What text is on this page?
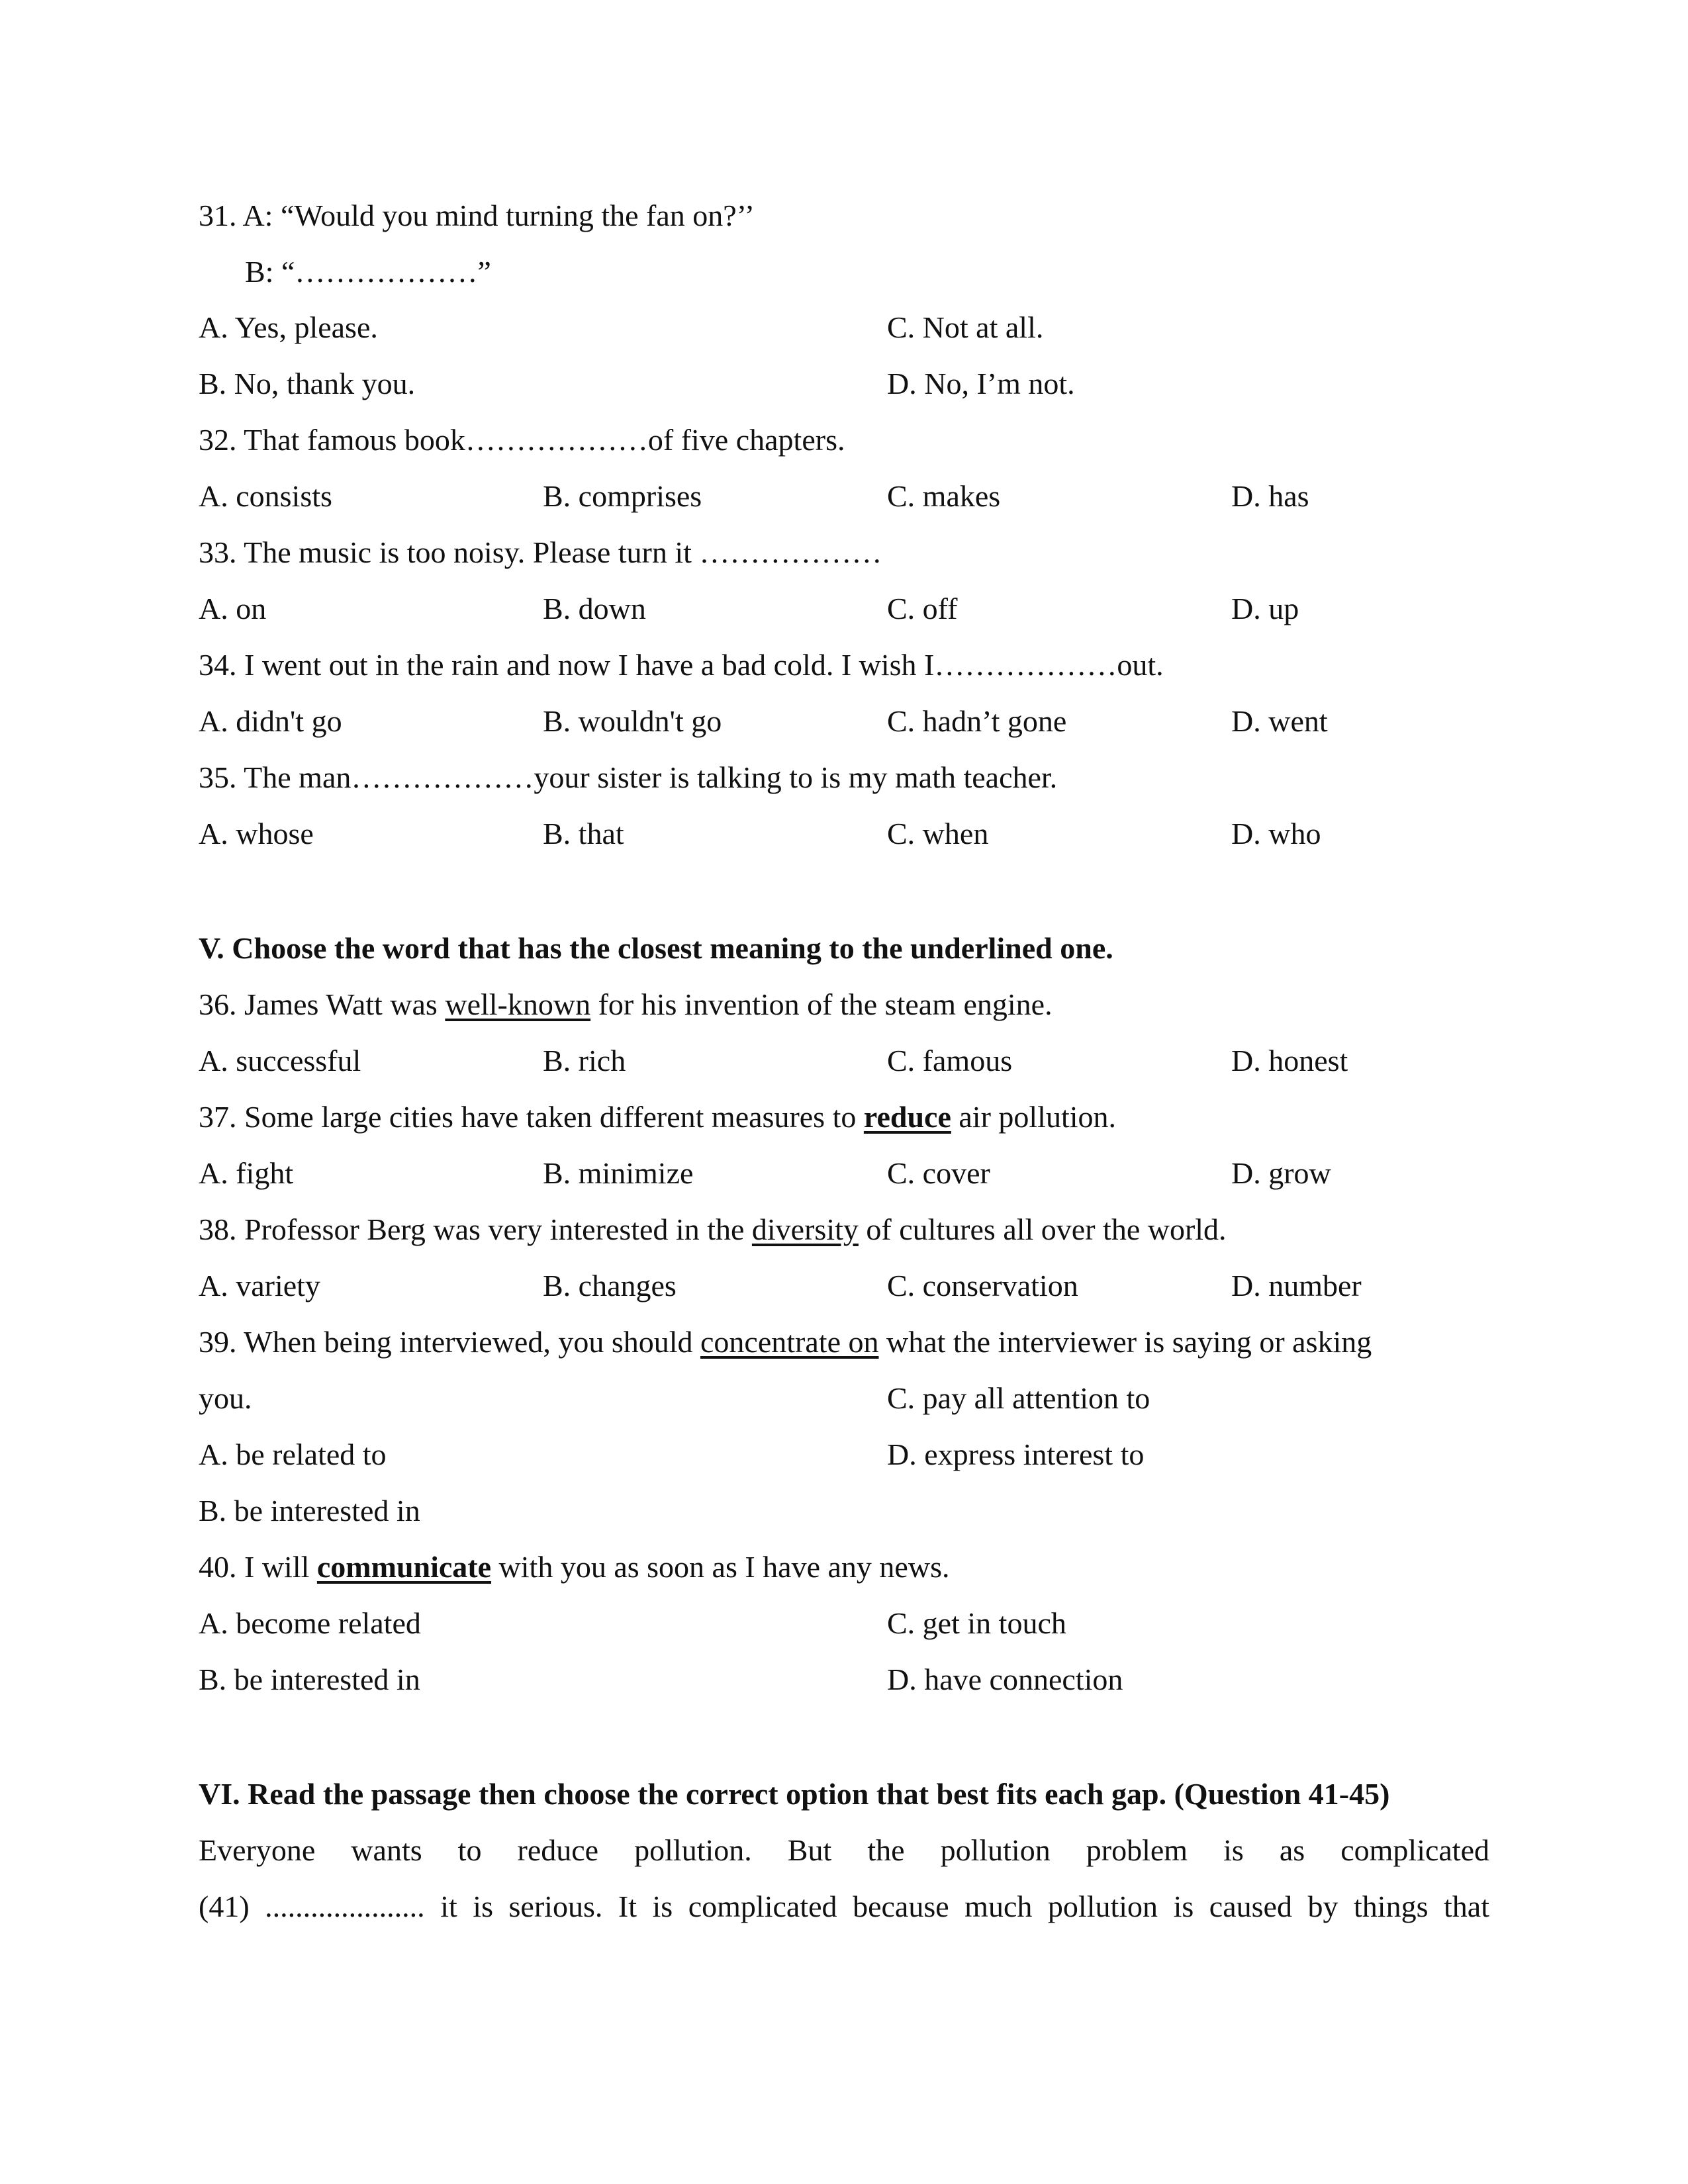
31. A: “Would you mind turning the fan on?’’
B: “………………”
A. Yes, please.	C. Not at all.
B. No, thank you.	D. No, I’m not.
32. That famous book………………of five chapters.
A. consists	B. comprises	C. makes	D. has
33. The music is too noisy. Please turn it ………………
A. on	B. down	C. off	D. up
34. I went out in the rain and now I have a bad cold. I wish I………………out.
A. didn't go	B. wouldn't go	C. hadn’t gone	D. went
35. The man………………your sister is talking to is my math teacher.
A. whose	B. that	C. when	D. who
V. Choose the word that has the closest meaning to the underlined one.
36. James Watt was well-known for his invention of the steam engine.
A. successful	B. rich	C. famous	D. honest
37. Some large cities have taken different measures to reduce air pollution.
A. fight	B. minimize	C. cover	D. grow
38. Professor Berg was very interested in the diversity of cultures all over the world.
A. variety	B. changes	C. conservation	D. number
39. When being interviewed, you should concentrate on what the interviewer is saying or asking
you.	C. pay all attention to
A. be related to	D. express interest to
B. be interested in
40. I will communicate with you as soon as I have any news.
A. become related	C. get in touch
B. be interested in	D. have connection
VI. Read the passage then choose the correct option that best fits each gap. (Question 41-45)
Everyone wants to reduce pollution. But the pollution problem is as complicated
(41) ..................... it is serious. It is complicated because much pollution is caused by things that
